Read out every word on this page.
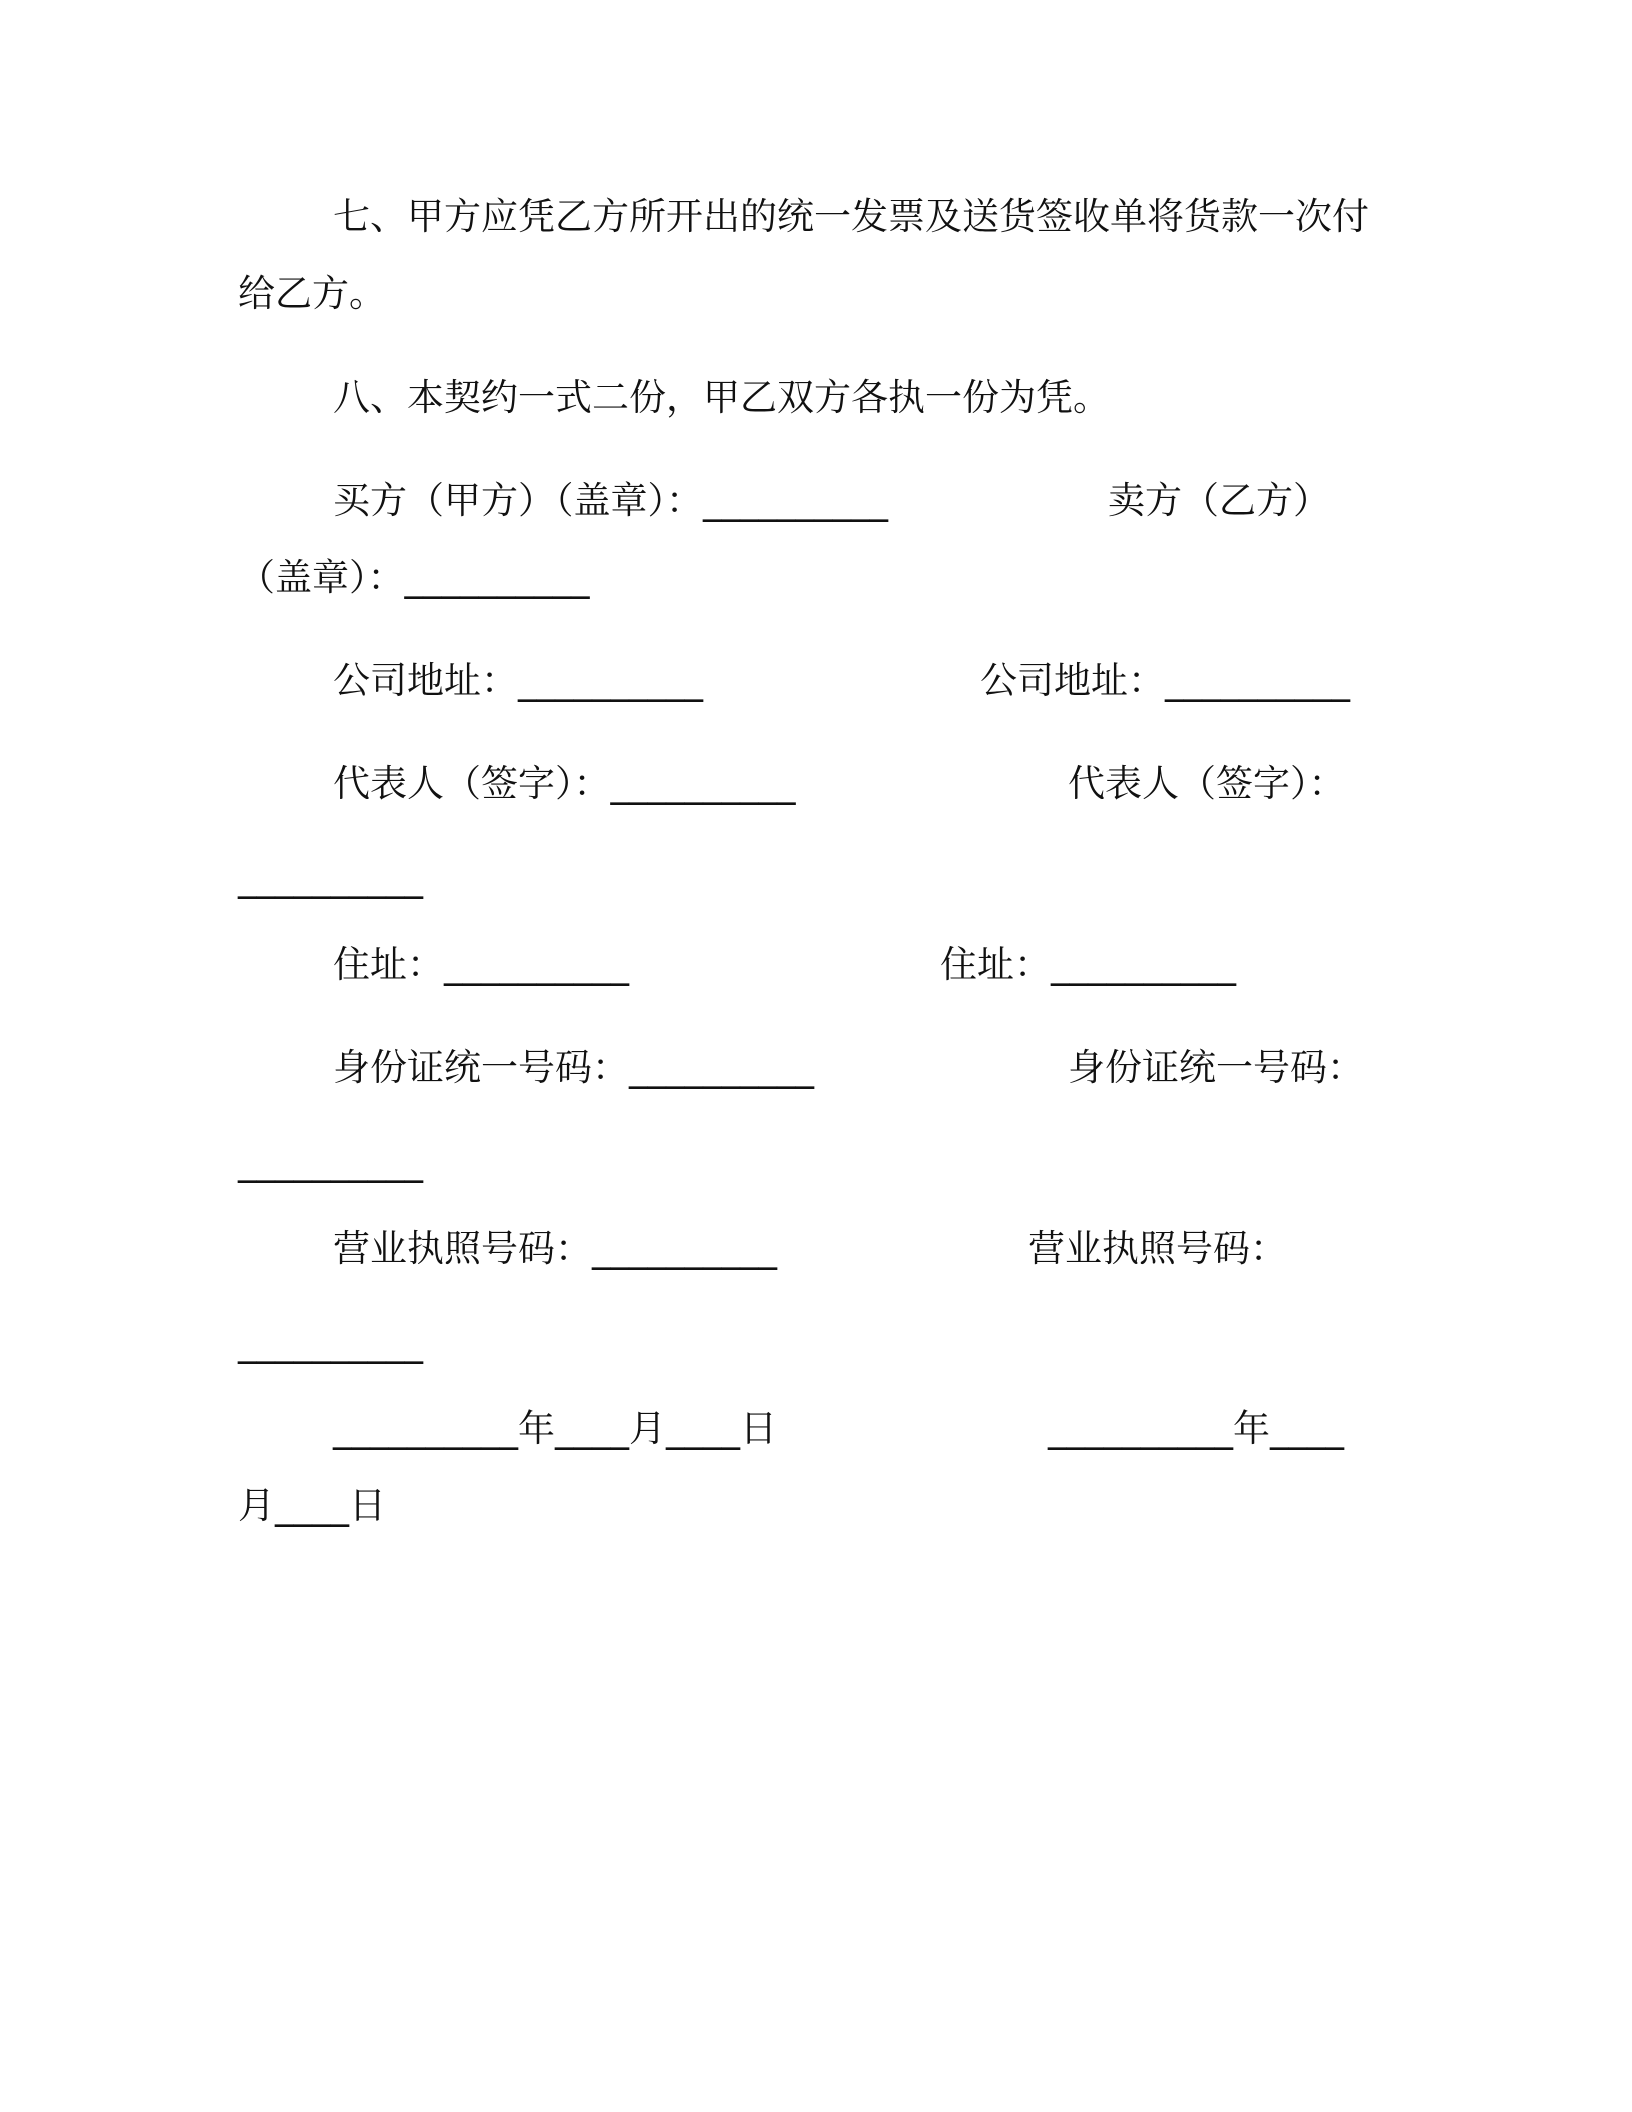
七、甲方应凭乙方所开出的统一发票及送货签收单将货款一次付
给乙方。
八、本契约一式二份，甲乙双方各执一份为凭。
买方（甲方）（盖章）：__________	卖方（乙方）
（盖章）：__________
公司地址：__________	公司地址：__________
代表人（签字）：__________	代表人（签字）：
__________
住址：__________	住址：__________
身份证统一号码：__________	身份证统一号码：
__________
营业执照号码：__________	营业执照号码：
__________
__________年____月____日	__________年____
月____日
